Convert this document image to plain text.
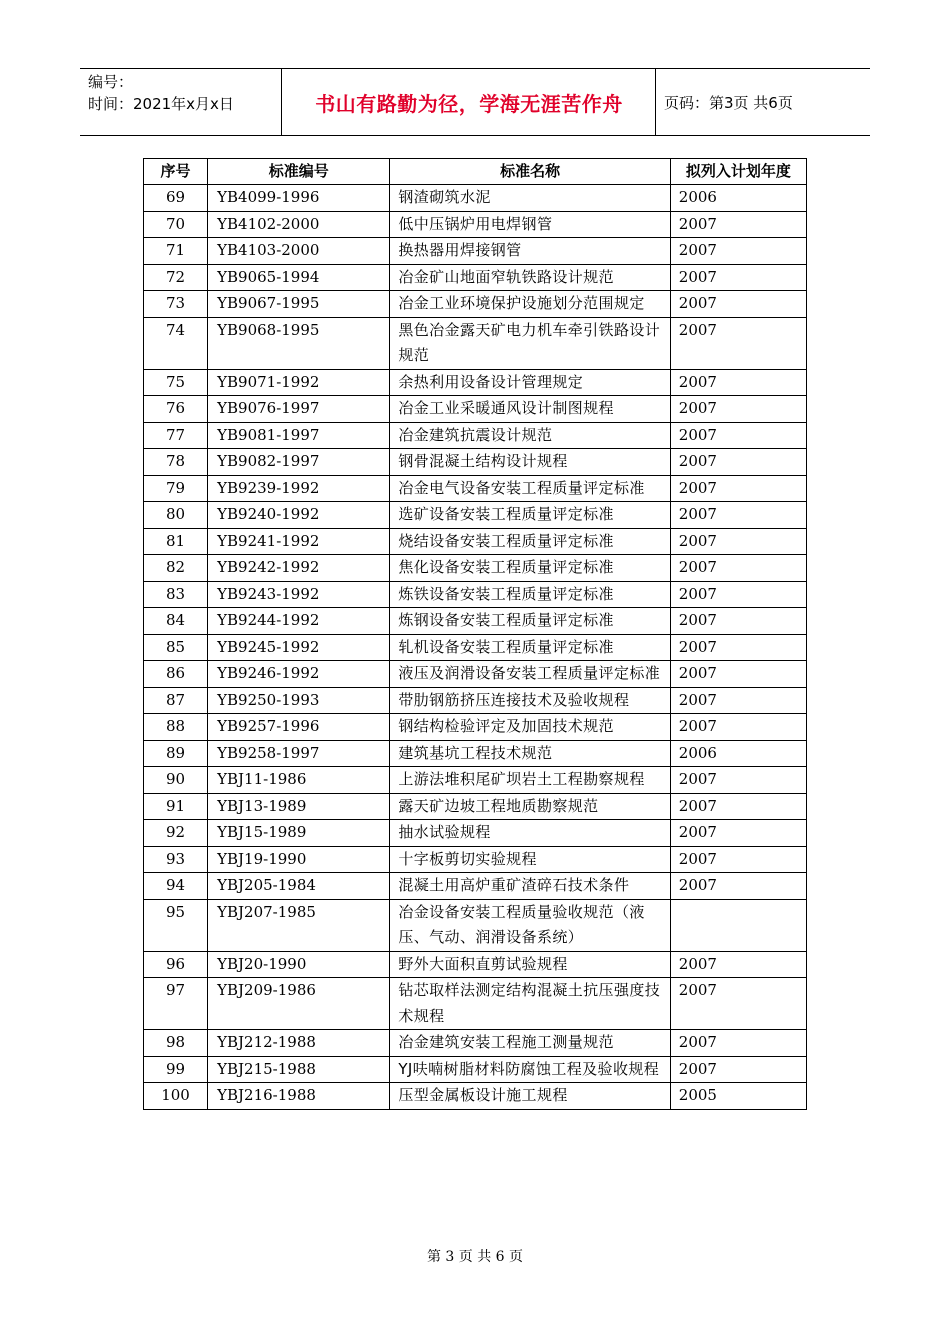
编号：
时间：2021年x月x日	书山有路勤为径，学海无涯苦作舟	页码：第3页 共6页
序号	标准编号	标准名称	拟列入计划年度
69	YB4099-1996	钢渣砌筑水泥	2006
70	YB4102-2000	低中压锅炉用电焊钢管	2007
71	YB4103-2000	换热器用焊接钢管	2007
72	YB9065-1994	冶金矿山地面窄轨铁路设计规范	2007
73	YB9067-1995	冶金工业环境保护设施划分范围规定	2007
74	YB9068-1995	黑色冶金露天矿电力机车牵引铁路设计规范	2007
75	YB9071-1992	余热利用设备设计管理规定	2007
76	YB9076-1997	冶金工业采暖通风设计制图规程	2007
77	YB9081-1997	冶金建筑抗震设计规范	2007
78	YB9082-1997	钢骨混凝土结构设计规程	2007
79	YB9239-1992	冶金电气设备安装工程质量评定标准	2007
80	YB9240-1992	选矿设备安装工程质量评定标准	2007
81	YB9241-1992	烧结设备安装工程质量评定标准	2007
82	YB9242-1992	焦化设备安装工程质量评定标准	2007
83	YB9243-1992	炼铁设备安装工程质量评定标准	2007
84	YB9244-1992	炼钢设备安装工程质量评定标准	2007
85	YB9245-1992	轧机设备安装工程质量评定标准	2007
86	YB9246-1992	液压及润滑设备安装工程质量评定标准	2007
87	YB9250-1993	带肋钢筋挤压连接技术及验收规程	2007
88	YB9257-1996	钢结构检验评定及加固技术规范	2007
89	YB9258-1997	建筑基坑工程技术规范	2006
90	YBJ11-1986	上游法堆积尾矿坝岩土工程勘察规程	2007
91	YBJ13-1989	露天矿边坡工程地质勘察规范	2007
92	YBJ15-1989	抽水试验规程	2007
93	YBJ19-1990	十字板剪切实验规程	2007
94	YBJ205-1984	混凝土用高炉重矿渣碎石技术条件	2007
95	YBJ207-1985	冶金设备安装工程质量验收规范（液压、气动、润滑设备系统）	
96	YBJ20-1990	野外大面积直剪试验规程	2007
97	YBJ209-1986	钻芯取样法测定结构混凝土抗压强度技术规程	2007
98	YBJ212-1988	冶金建筑安装工程施工测量规范	2007
99	YBJ215-1988	YJ呋喃树脂材料防腐蚀工程及验收规程	2007
100	YBJ216-1988	压型金属板设计施工规程	2005
第 3 页 共 6 页
